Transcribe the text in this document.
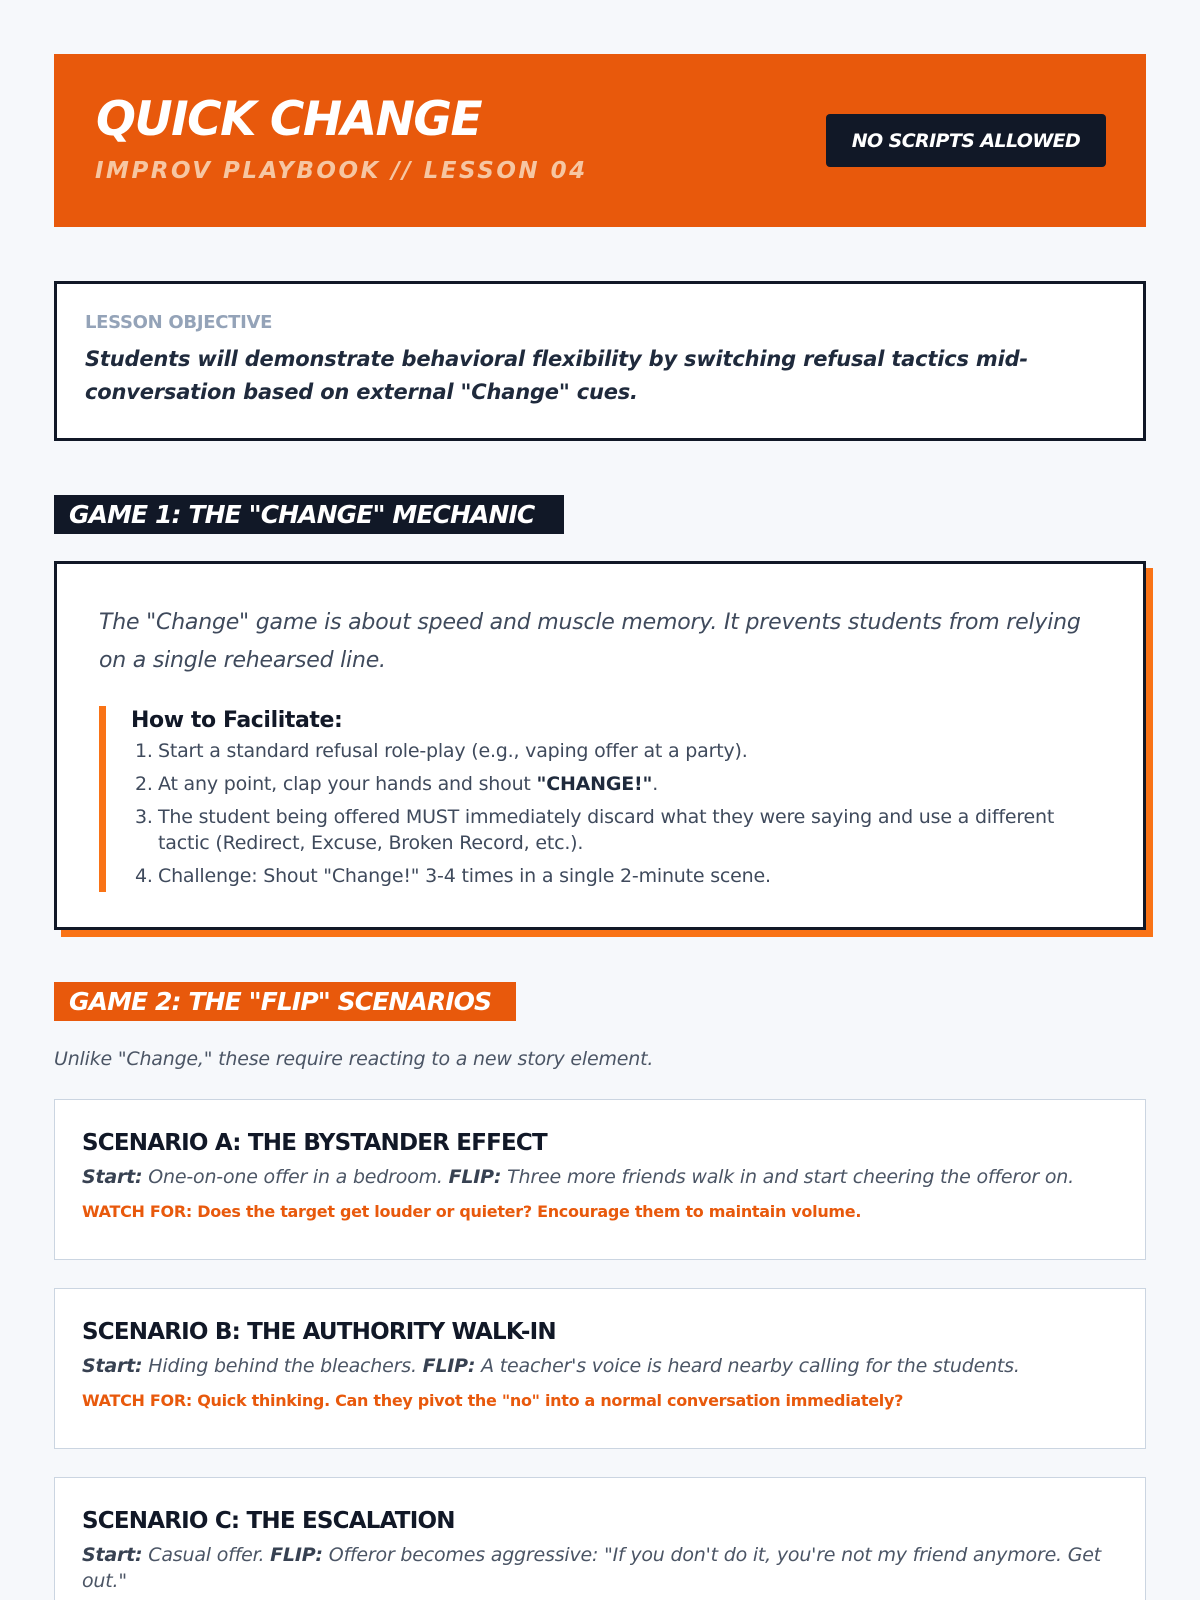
QUICK CHANGE
IMPROV PLAYBOOK // LESSON 04
NO SCRIPTS ALLOWED
LESSON OBJECTIVE
Students will demonstrate behavioral flexibility by switching refusal tactics mid-conversation based on external "Change" cues.
GAME 1: THE "CHANGE" MECHANIC
The "Change" game is about speed and muscle memory. It prevents students from relying on a single rehearsed line.
How to Facilitate:
1. Start a standard refusal role-play (e.g., vaping offer at a party).
2. At any point, clap your hands and shout "CHANGE!".
3. The student being offered MUST immediately discard what they were saying and use a different tactic (Redirect, Excuse, Broken Record, etc.).
4. Challenge: Shout "Change!" 3-4 times in a single 2-minute scene.
GAME 2: THE "FLIP" SCENARIOS
Unlike "Change," these require reacting to a new story element.
SCENARIO A: THE BYSTANDER EFFECT
Start: One-on-one offer in a bedroom. FLIP: Three more friends walk in and start cheering the offeror on.
WATCH FOR: Does the target get louder or quieter? Encourage them to maintain volume.
SCENARIO B: THE AUTHORITY WALK-IN
Start: Hiding behind the bleachers. FLIP: A teacher's voice is heard nearby calling for the students.
WATCH FOR: Quick thinking. Can they pivot the "no" into a normal conversation immediately?
SCENARIO C: THE ESCALATION
Start: Casual offer. FLIP: Offeror becomes aggressive: "If you don't do it, you're not my friend anymore. Get out."
